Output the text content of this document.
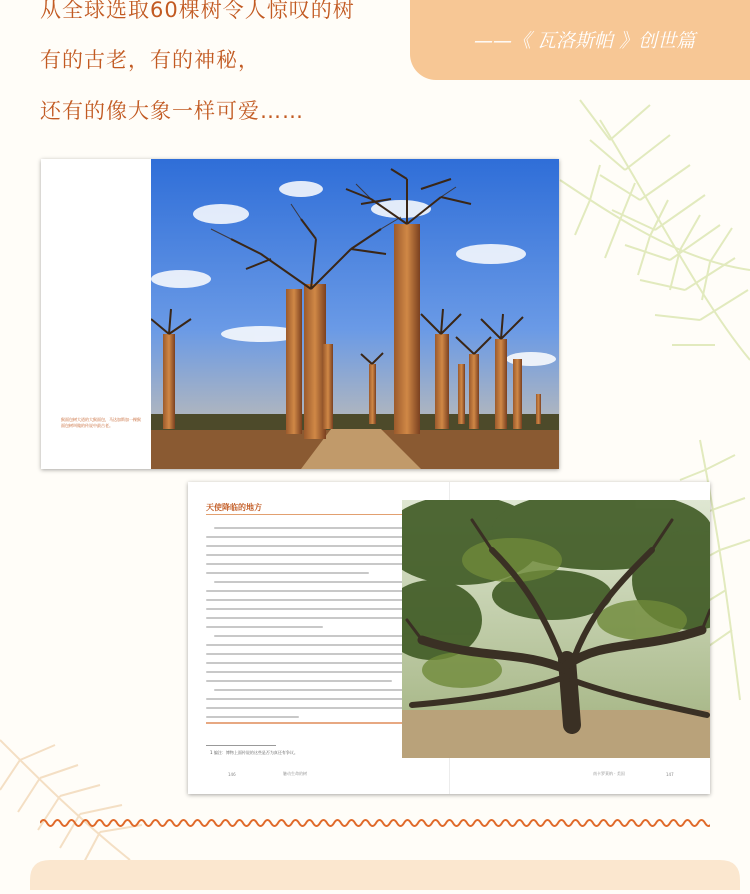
从全球选取60棵树令人惊叹的树
有的古老，有的神秘，
还有的像大象一样可爱……
——《 瓦洛斯帕 》创世篇
猴面包树大道的大猴面包，马达加斯加一棵猴面包树叫做的传说中最古老。
天使降临的地方
1 编注：博物上面传说的这些是否为真还有争议。
146	触动生命的树	南卡罗莱纳 · 美国	147
